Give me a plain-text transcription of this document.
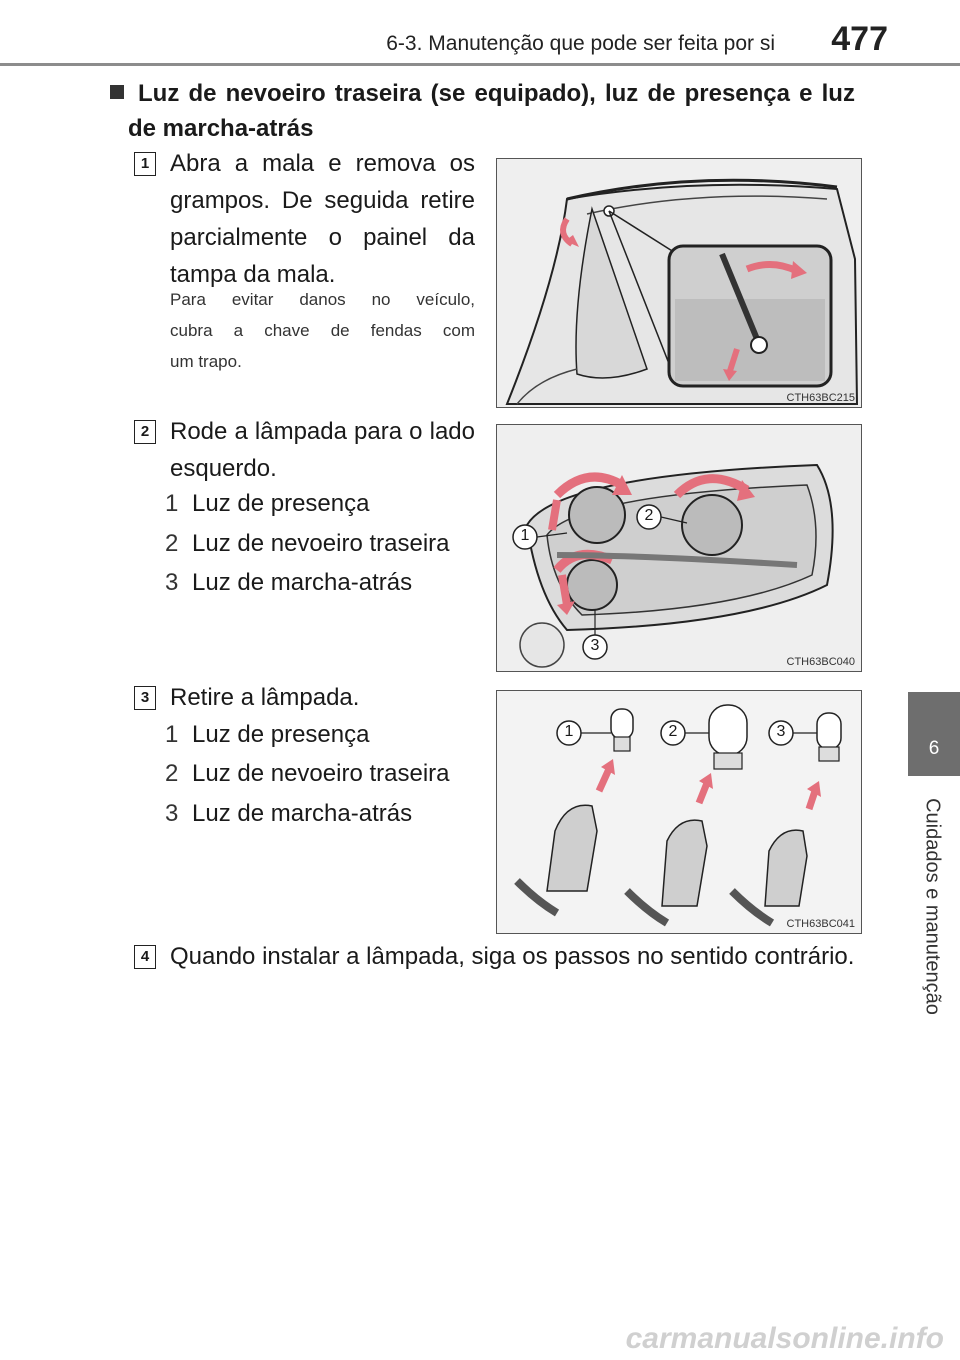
6-3. Manutenção que pode ser feita por si 477
6
Cuidados e manutenção
Luz de nevoeiro traseira (se equipado), luz de presença e luz
de marcha-atrás
1 Abra a mala e remova os
grampos. De seguida retire
parcialmente o painel da
tampa da mala.
Para evitar danos no veículo,
cubra a chave de fendas com
um trapo.
CTH63BC215
2 Rode a lâmpada para o lado
esquerdo.
1 Luz de presença
2 Luz de nevoeiro traseira
3 Luz de marcha-atrás
1
2
3
CTH63BC040
3 Retire a lâmpada.
1 Luz de presença
2 Luz de nevoeiro traseira
3 Luz de marcha-atrás
1	2	3
CTH63BC041
4 Quando instalar a lâmpada, siga os passos no sentido contrário.
carmanualsonline.info
